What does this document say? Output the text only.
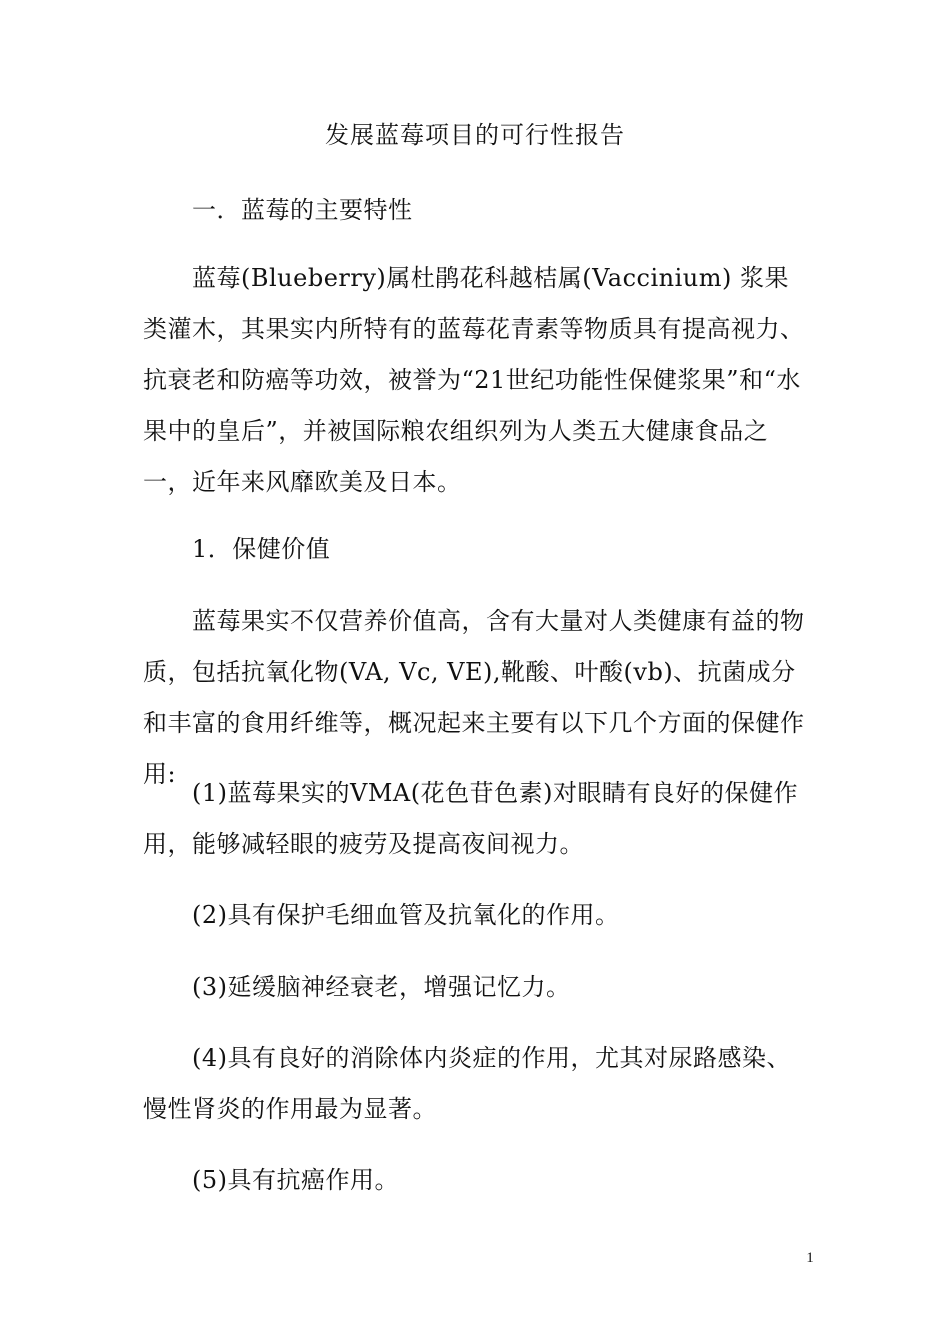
发展蓝莓项目的可行性报告

一．蓝莓的主要特性

蓝莓(Blueberry)属杜鹃花科越桔属(Vaccinium) 浆果类灌木，其果实内所特有的蓝莓花青素等物质具有提高视力、抗衰老和防癌等功效，被誉为“21世纪功能性保健浆果”和“水果中的皇后”，并被国际粮农组织列为人类五大健康食品之一，近年来风靡欧美及日本。

1．保健价值

蓝莓果实不仅营养价值高，含有大量对人类健康有益的物质，包括抗氧化物(VA, Vc, VE),靴酸、叶酸(vb)、抗菌成分和丰富的食用纤维等，概况起来主要有以下几个方面的保健作用:

(1)蓝莓果实的VMA(花色苷色素)对眼睛有良好的保健作用，能够减轻眼的疲劳及提高夜间视力。

(2)具有保护毛细血管及抗氧化的作用。

(3)延缓脑神经衰老，增强记忆力。

(4)具有良好的消除体内炎症的作用，尤其对尿路感染、慢性肾炎的作用最为显著。

(5)具有抗癌作用。

1
